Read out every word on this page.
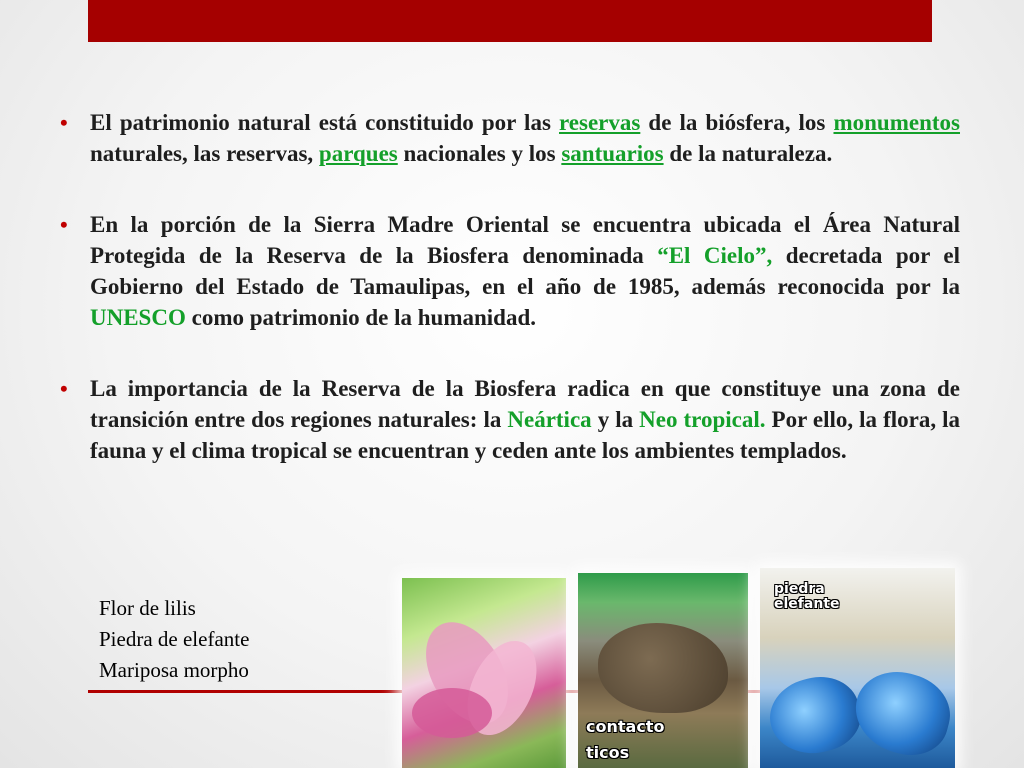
• El patrimonio natural está constituido por las reservas de la biósfera, los monumentos naturales, las reservas, parques nacionales y los santuarios de la naturaleza.
• En la porción de la Sierra Madre Oriental se encuentra ubicada el Área Natural Protegida de la Reserva de la Biosfera denominada “El Cielo”, decretada por el Gobierno del Estado de Tamaulipas, en el año de 1985, además reconocida por la UNESCO como patrimonio de la humanidad.
• La importancia de la Reserva de la Biosfera radica en que constituye una zona de transición entre dos regiones naturales: la Neártica y la Neo tropical. Por ello, la flora, la fauna y el clima tropical se encuentran y ceden ante los ambientes templados.
Flor de lilis
Piedra de elefante
Mariposa morpho
contacto
ticos
piedra
elefante
